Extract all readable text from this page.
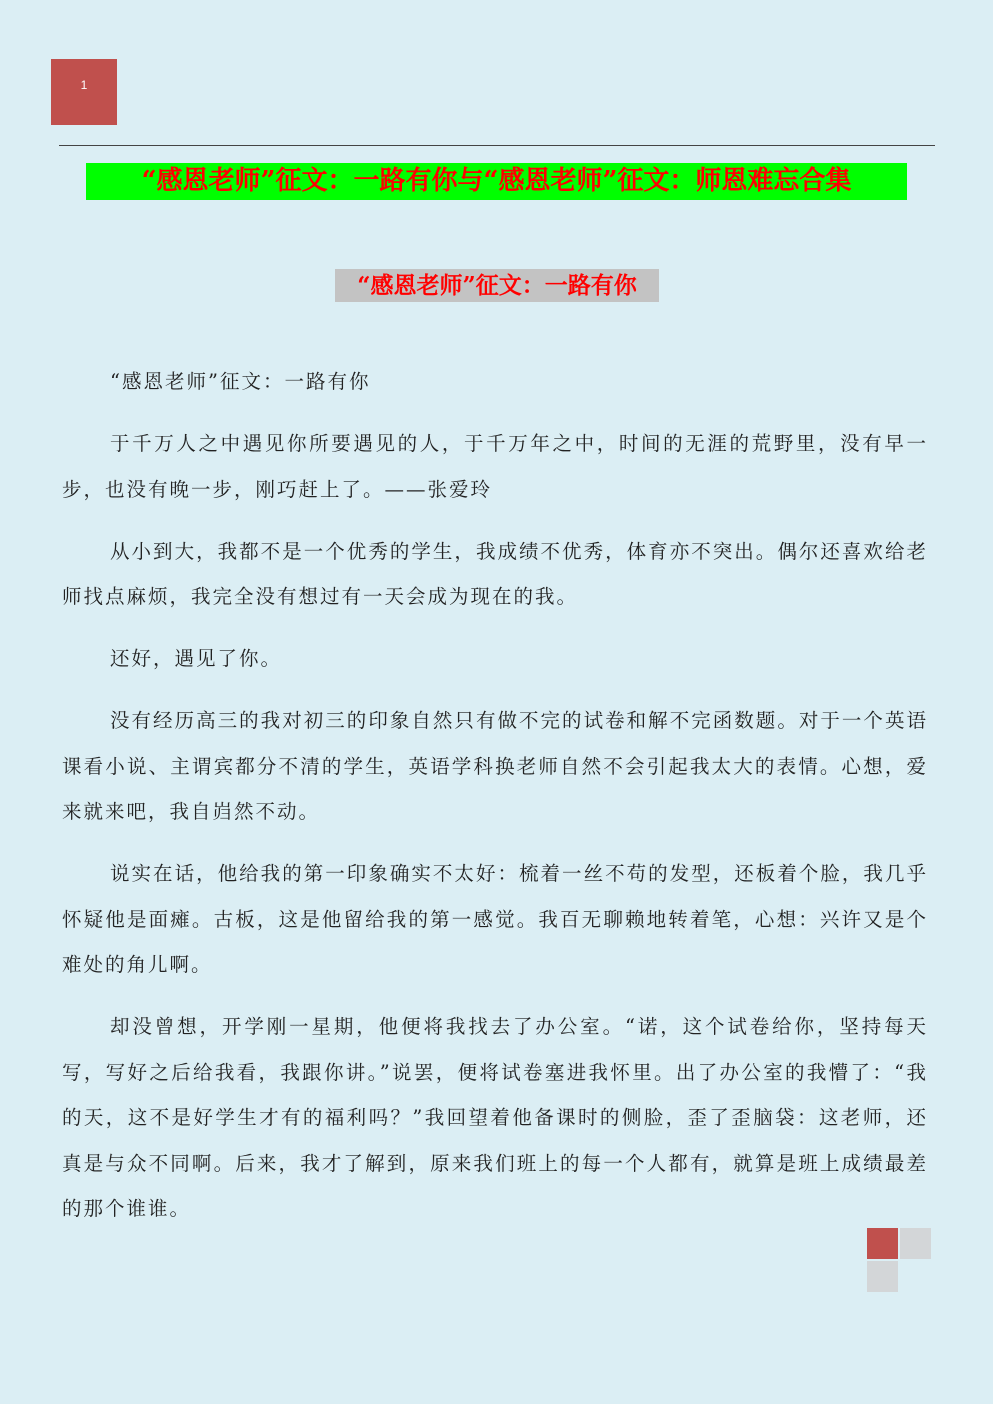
1
“感恩老师”征文：一路有你与“感恩老师”征文：师恩难忘合集
“感恩老师”征文：一路有你

“感恩老师”征文：一路有你

于千万人之中遇见你所要遇见的人，于千万年之中，时间的无涯的荒野里，没有早一步，也没有晚一步，刚巧赶上了。——张爱玲

从小到大，我都不是一个优秀的学生，我成绩不优秀，体育亦不突出。偶尔还喜欢给老师找点麻烦，我完全没有想过有一天会成为现在的我。

还好，遇见了你。

没有经历高三的我对初三的印象自然只有做不完的试卷和解不完函数题。对于一个英语课看小说、主谓宾都分不清的学生，英语学科换老师自然不会引起我太大的表情。心想，爱来就来吧，我自岿然不动。

说实在话，他给我的第一印象确实不太好：梳着一丝不苟的发型，还板着个脸，我几乎怀疑他是面瘫。古板，这是他留给我的第一感觉。我百无聊赖地转着笔，心想：兴许又是个难处的角儿啊。

却没曾想，开学刚一星期，他便将我找去了办公室。“诺，这个试卷给你，坚持每天写，写好之后给我看，我跟你讲。”说罢，便将试卷塞进我怀里。出了办公室的我懵了：“我的天，这不是好学生才有的福利吗？”我回望着他备课时的侧脸，歪了歪脑袋：这老师，还真是与众不同啊。后来，我才了解到，原来我们班上的每一个人都有，就算是班上成绩最差的那个谁谁。
